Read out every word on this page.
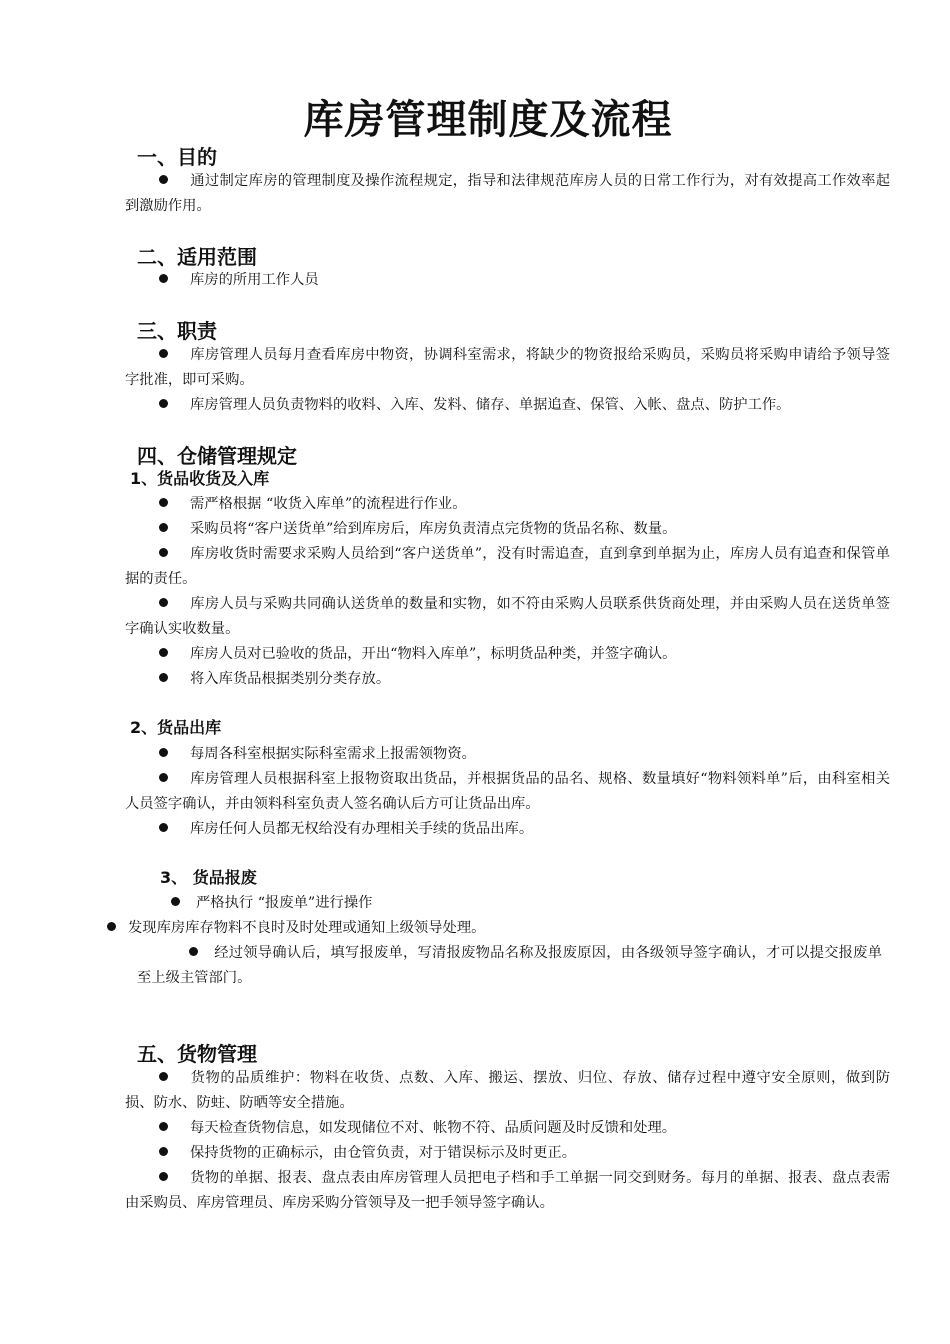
库房管理制度及流程
一、目的
通过制定库房的管理制度及操作流程规定，指导和法律规范库房人员的日常工作行为，对有效提高工作效率起到激励作用。
二、适用范围
库房的所用工作人员
三、职责
库房管理人员每月查看库房中物资，协调科室需求，将缺少的物资报给采购员，采购员将采购申请给予领导签字批准，即可采购。
库房管理人员负责物料的收料、入库、发料、储存、单据追查、保管、入帐、盘点、防护工作。
四、仓储管理规定
1、货品收货及入库
需严格根据 “收货入库单”的流程进行作业。
采购员将“客户送货单”给到库房后，库房负责清点完货物的货品名称、数量。
库房收货时需要求采购人员给到“客户送货单”，没有时需追查，直到拿到单据为止，库房人员有追查和保管单据的责任。
库房人员与采购共同确认送货单的数量和实物，如不符由采购人员联系供货商处理，并由采购人员在送货单签字确认实收数量。
库房人员对已验收的货品，开出“物料入库单”，标明货品种类，并签字确认。
将入库货品根据类别分类存放。
2、货品出库
每周各科室根据实际科室需求上报需领物资。
库房管理人员根据科室上报物资取出货品，并根据货品的品名、规格、数量填好“物料领料单”后，由科室相关人员签字确认，并由领料科室负责人签名确认后方可让货品出库。
库房任何人员都无权给没有办理相关手续的货品出库。
3、 货品报废
严格执行 “报废单”进行操作
发现库房库存物料不良时及时处理或通知上级领导处理。
经过领导确认后，填写报废单，写清报废物品名称及报废原因，由各级领导签字确认，才可以提交报废单至上级主管部门。
五、货物管理
货物的品质维护：物料在收货、点数、入库、搬运、摆放、归位、存放、储存过程中遵守安全原则，做到防损、防水、防蛀、防晒等安全措施。
每天检查货物信息，如发现储位不对、帐物不符、品质问题及时反馈和处理。
保持货物的正确标示，由仓管负责，对于错误标示及时更正。
货物的单据、报表、盘点表由库房管理人员把电子档和手工单据一同交到财务。每月的单据、报表、盘点表需由采购员、库房管理员、库房采购分管领导及一把手领导签字确认。
